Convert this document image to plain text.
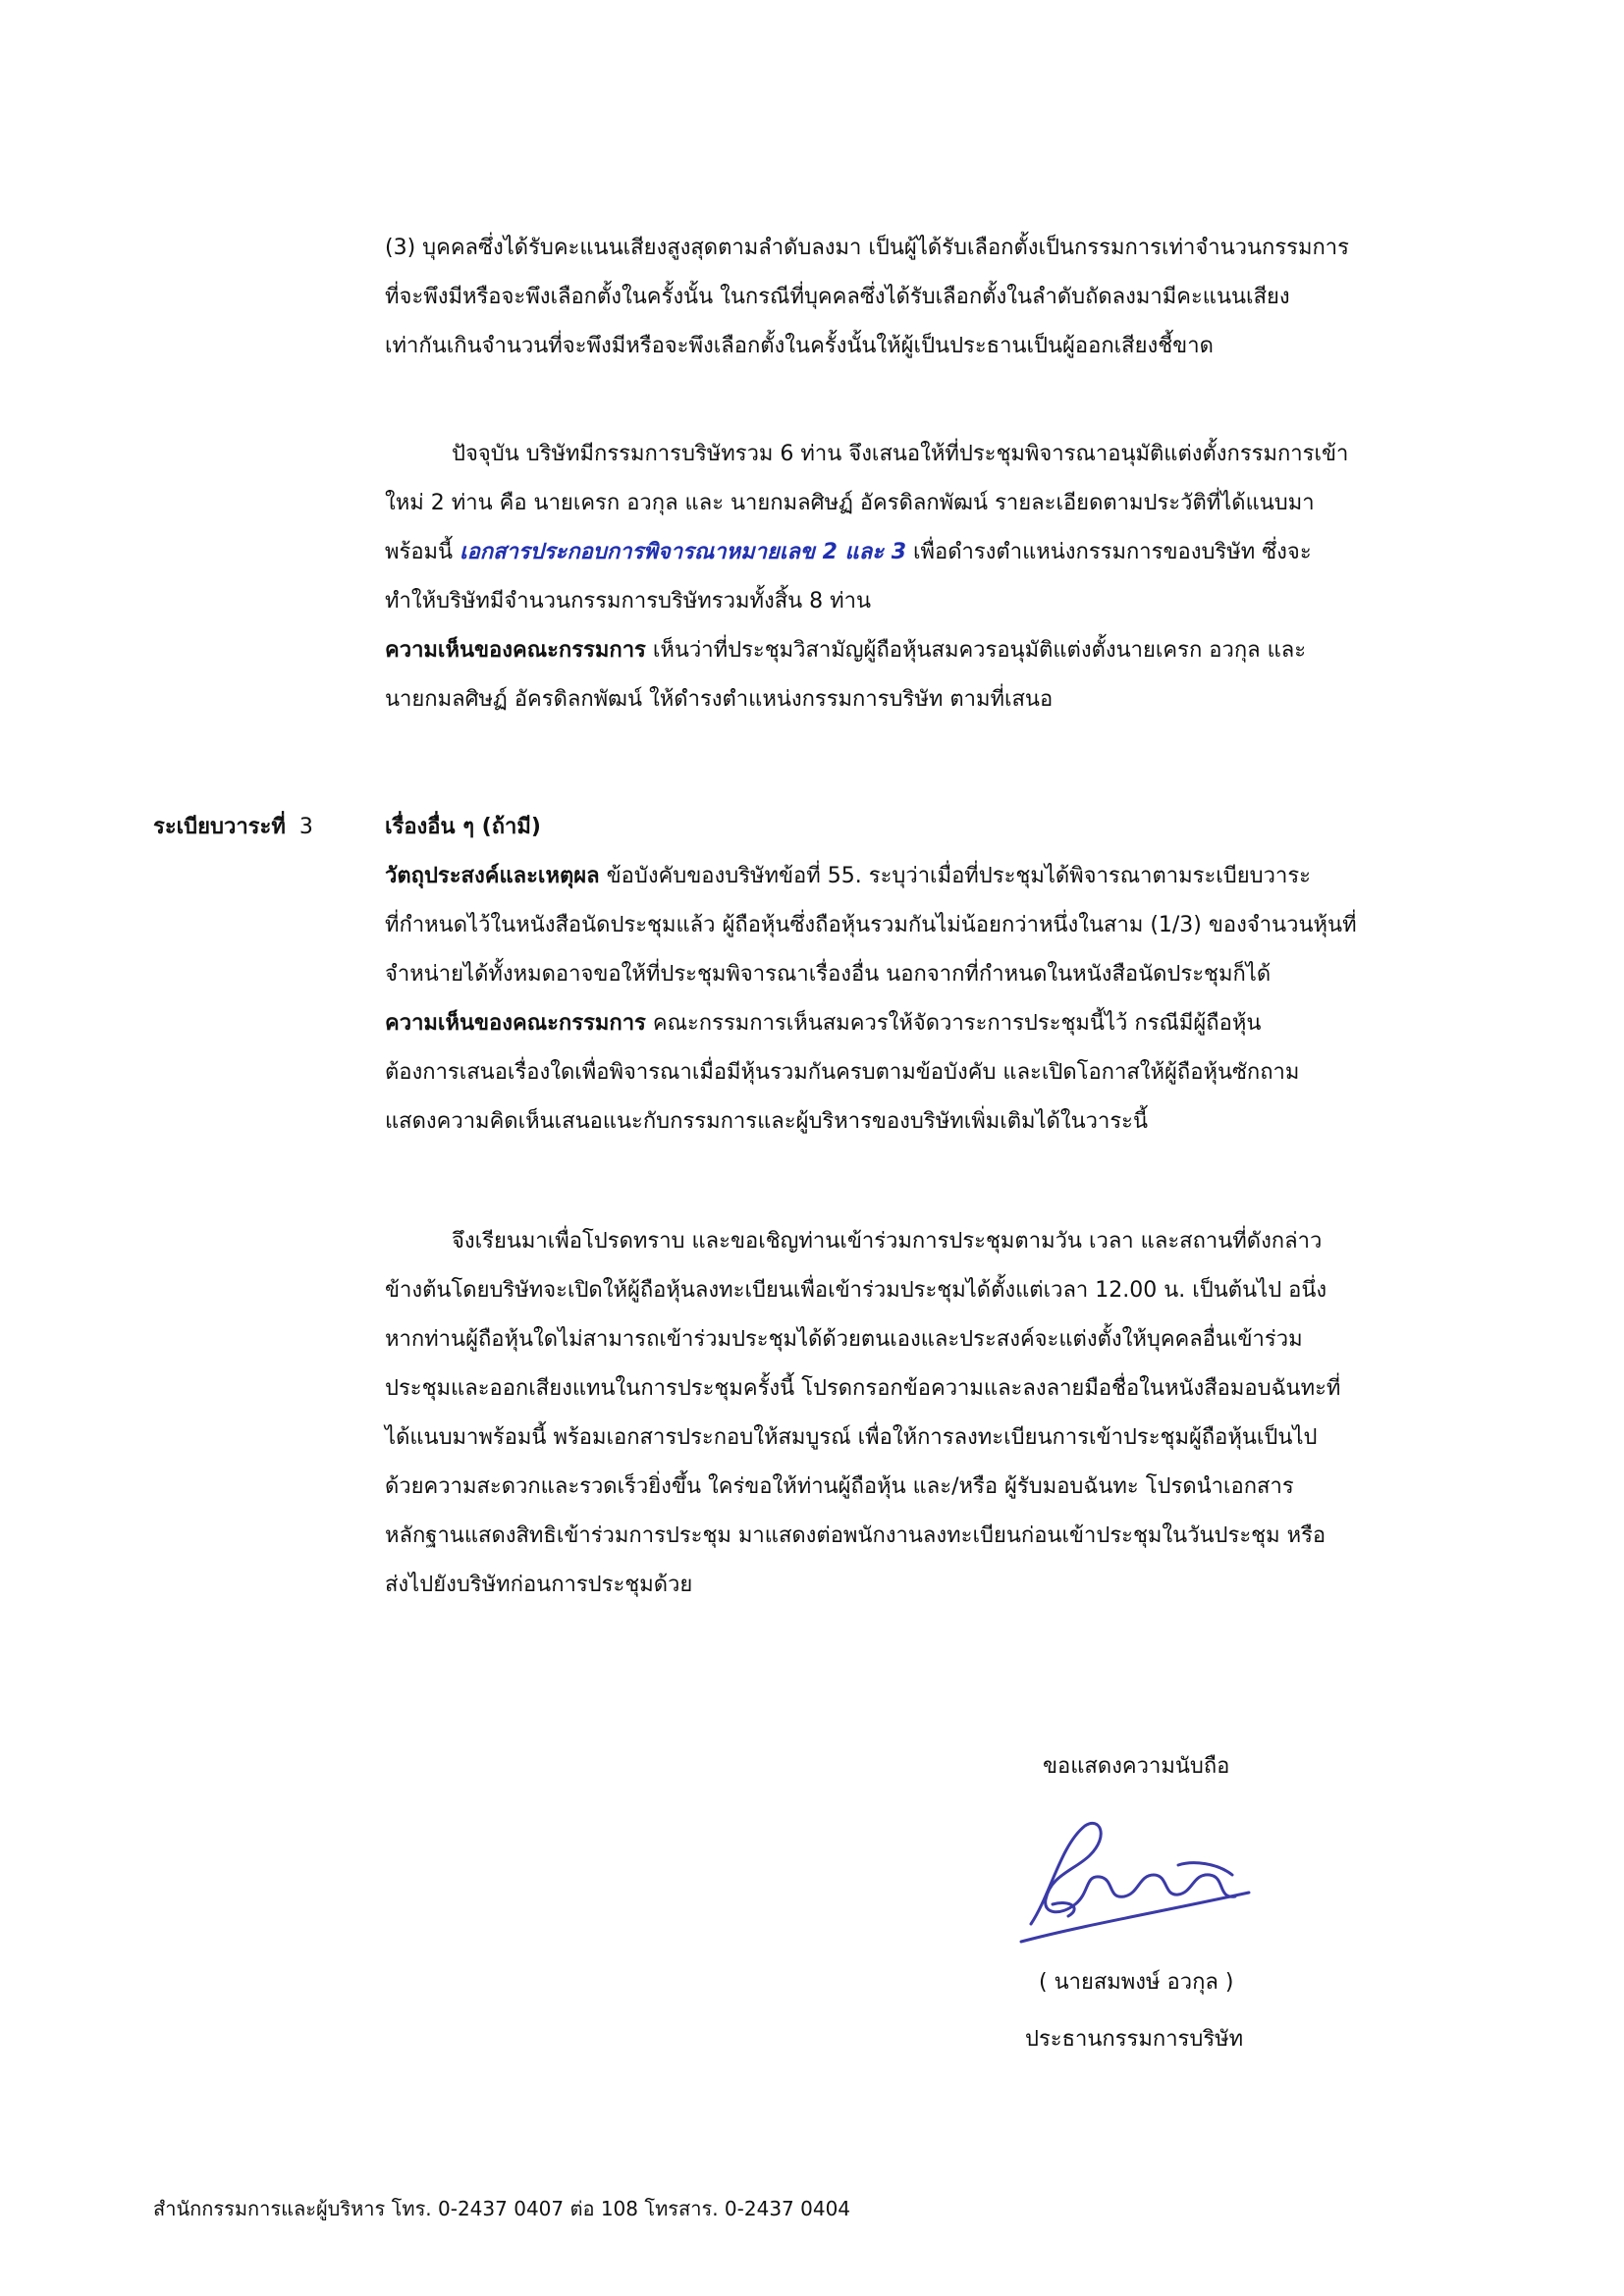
(3) บุคคลซึ่งได้รับคะแนนเสียงสูงสุดตามลำดับลงมา เป็นผู้ได้รับเลือกตั้งเป็นกรรมการเท่าจำนวนกรรมการ
ที่จะพึงมีหรือจะพึงเลือกตั้งในครั้งนั้น ในกรณีที่บุคคลซึ่งได้รับเลือกตั้งในลำดับถัดลงมามีคะแนนเสียง
เท่ากันเกินจำนวนที่จะพึงมีหรือจะพึงเลือกตั้งในครั้งนั้นให้ผู้เป็นประธานเป็นผู้ออกเสียงชี้ขาด
ปัจจุบัน บริษัทมีกรรมการบริษัทรวม 6 ท่าน จึงเสนอให้ที่ประชุมพิจารณาอนุมัติแต่งตั้งกรรมการเข้า
ใหม่ 2 ท่าน คือ นายเครก อวกุล และ นายกมลศิษฏ์ อัครดิลกพัฒน์ รายละเอียดตามประวัติที่ได้แนบมา
พร้อมนี้ เอกสารประกอบการพิจารณาหมายเลข 2 และ 3 เพื่อดำรงตำแหน่งกรรมการของบริษัท ซึ่งจะ
ทำให้บริษัทมีจำนวนกรรมการบริษัทรวมทั้งสิ้น 8 ท่าน
ความเห็นของคณะกรรมการ เห็นว่าที่ประชุมวิสามัญผู้ถือหุ้นสมควรอนุมัติแต่งตั้งนายเครก อวกุล และ
นายกมลศิษฏ์ อัครดิลกพัฒน์ ให้ดำรงตำแหน่งกรรมการบริษัท ตามที่เสนอ
ระเบียบวาระที่ 3	เรื่องอื่น ๆ (ถ้ามี)
วัตถุประสงค์และเหตุผล ข้อบังคับของบริษัทข้อที่ 55. ระบุว่าเมื่อที่ประชุมได้พิจารณาตามระเบียบวาระ
ที่กำหนดไว้ในหนังสือนัดประชุมแล้ว ผู้ถือหุ้นซึ่งถือหุ้นรวมกันไม่น้อยกว่าหนึ่งในสาม (1/3) ของจำนวนหุ้นที่
จำหน่ายได้ทั้งหมดอาจขอให้ที่ประชุมพิจารณาเรื่องอื่น นอกจากที่กำหนดในหนังสือนัดประชุมก็ได้
ความเห็นของคณะกรรมการ คณะกรรมการเห็นสมควรให้จัดวาระการประชุมนี้ไว้ กรณีมีผู้ถือหุ้น
ต้องการเสนอเรื่องใดเพื่อพิจารณาเมื่อมีหุ้นรวมกันครบตามข้อบังคับ และเปิดโอกาสให้ผู้ถือหุ้นซักถาม
แสดงความคิดเห็นเสนอแนะกับกรรมการและผู้บริหารของบริษัทเพิ่มเติมได้ในวาระนี้
จึงเรียนมาเพื่อโปรดทราบ และขอเชิญท่านเข้าร่วมการประชุมตามวัน เวลา และสถานที่ดังกล่าว
ข้างต้นโดยบริษัทจะเปิดให้ผู้ถือหุ้นลงทะเบียนเพื่อเข้าร่วมประชุมได้ตั้งแต่เวลา 12.00 น. เป็นต้นไป อนึ่ง
หากท่านผู้ถือหุ้นใดไม่สามารถเข้าร่วมประชุมได้ด้วยตนเองและประสงค์จะแต่งตั้งให้บุคคลอื่นเข้าร่วม
ประชุมและออกเสียงแทนในการประชุมครั้งนี้ โปรดกรอกข้อความและลงลายมือชื่อในหนังสือมอบฉันทะที่
ได้แนบมาพร้อมนี้ พร้อมเอกสารประกอบให้สมบูรณ์ เพื่อให้การลงทะเบียนการเข้าประชุมผู้ถือหุ้นเป็นไป
ด้วยความสะดวกและรวดเร็วยิ่งขึ้น ใคร่ขอให้ท่านผู้ถือหุ้น และ/หรือ ผู้รับมอบฉันทะ โปรดนำเอกสาร
หลักฐานแสดงสิทธิเข้าร่วมการประชุม มาแสดงต่อพนักงานลงทะเบียนก่อนเข้าประชุมในวันประชุม หรือ
ส่งไปยังบริษัทก่อนการประชุมด้วย
ขอแสดงความนับถือ
( นายสมพงษ์ อวกุล )
ประธานกรรมการบริษัท
สำนักกรรมการและผู้บริหาร โทร. 0-2437 0407 ต่อ 108 โทรสาร. 0-2437 0404
